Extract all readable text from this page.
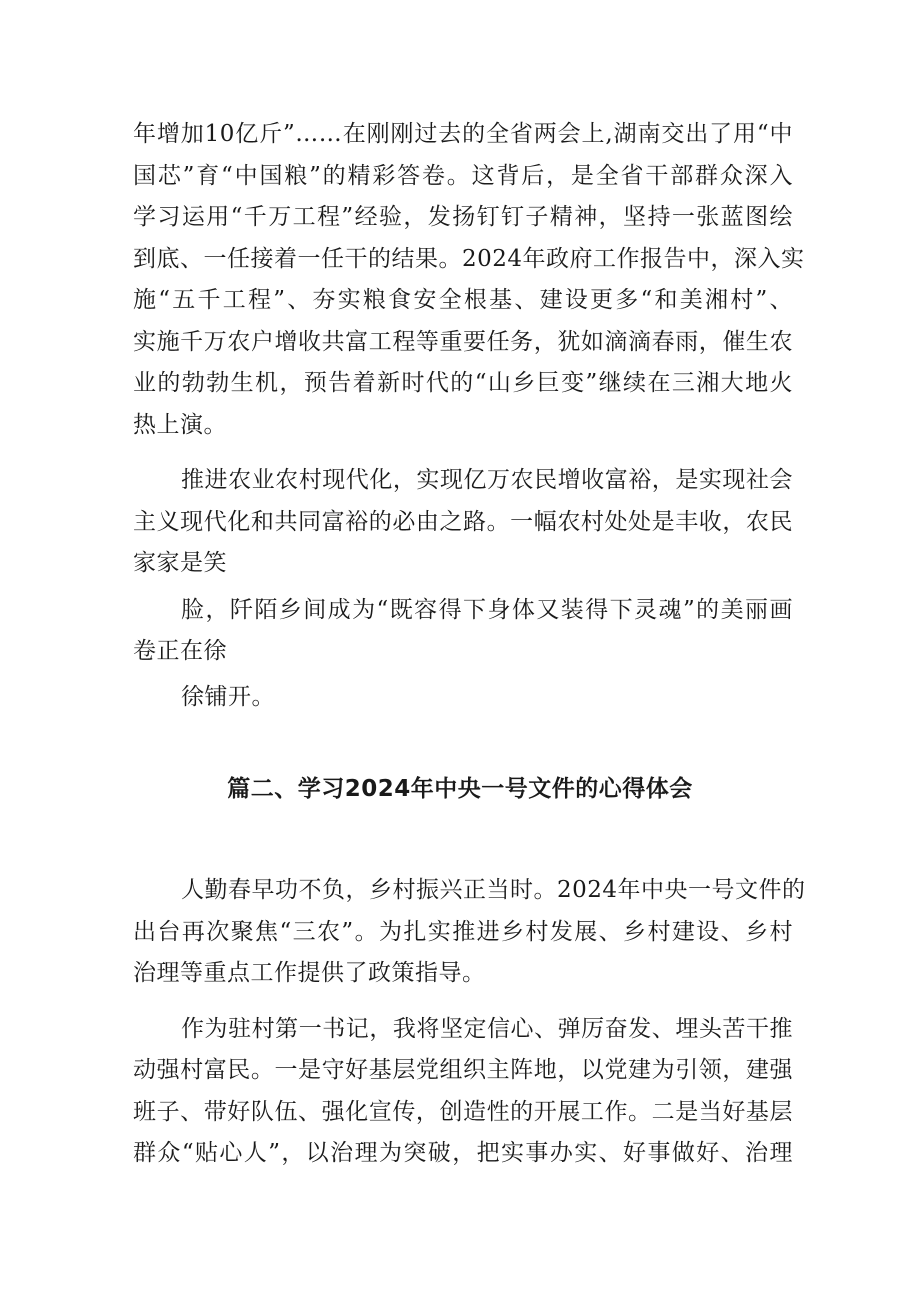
年增加10亿斤”……在刚刚过去的全省两会上,湖南交出了用“中
国芯”育“中国粮”的精彩答卷。这背后，是全省干部群众深入
学习运用“千万工程”经验，发扬钉钉子精神，坚持一张蓝图绘
到底、一任接着一任干的结果。2024年政府工作报告中，深入实
施“五千工程”、夯实粮食安全根基、建设更多“和美湘村”、
实施千万农户增收共富工程等重要任务，犹如滴滴春雨，催生农
业的勃勃生机，预告着新时代的“山乡巨变”继续在三湘大地火
热上演。
推进农业农村现代化，实现亿万农民增收富裕，是实现社会
主义现代化和共同富裕的必由之路。一幅农村处处是丰收，农民
家家是笑
脸，阡陌乡间成为“既容得下身体又装得下灵魂”的美丽画
卷正在徐
徐铺开。
篇二、学习2024年中央一号文件的心得体会
人勤春早功不负，乡村振兴正当时。2024年中央一号文件的
出台再次聚焦“三农”。为扎实推进乡村发展、乡村建设、乡村
治理等重点工作提供了政策指导。
作为驻村第一书记，我将坚定信心、弹厉奋发、埋头苦干推
动强村富民。一是守好基层党组织主阵地，以党建为引领，建强
班子、带好队伍、强化宣传，创造性的开展工作。二是当好基层
群众“贴心人”，以治理为突破，把实事办实、好事做好、治理
